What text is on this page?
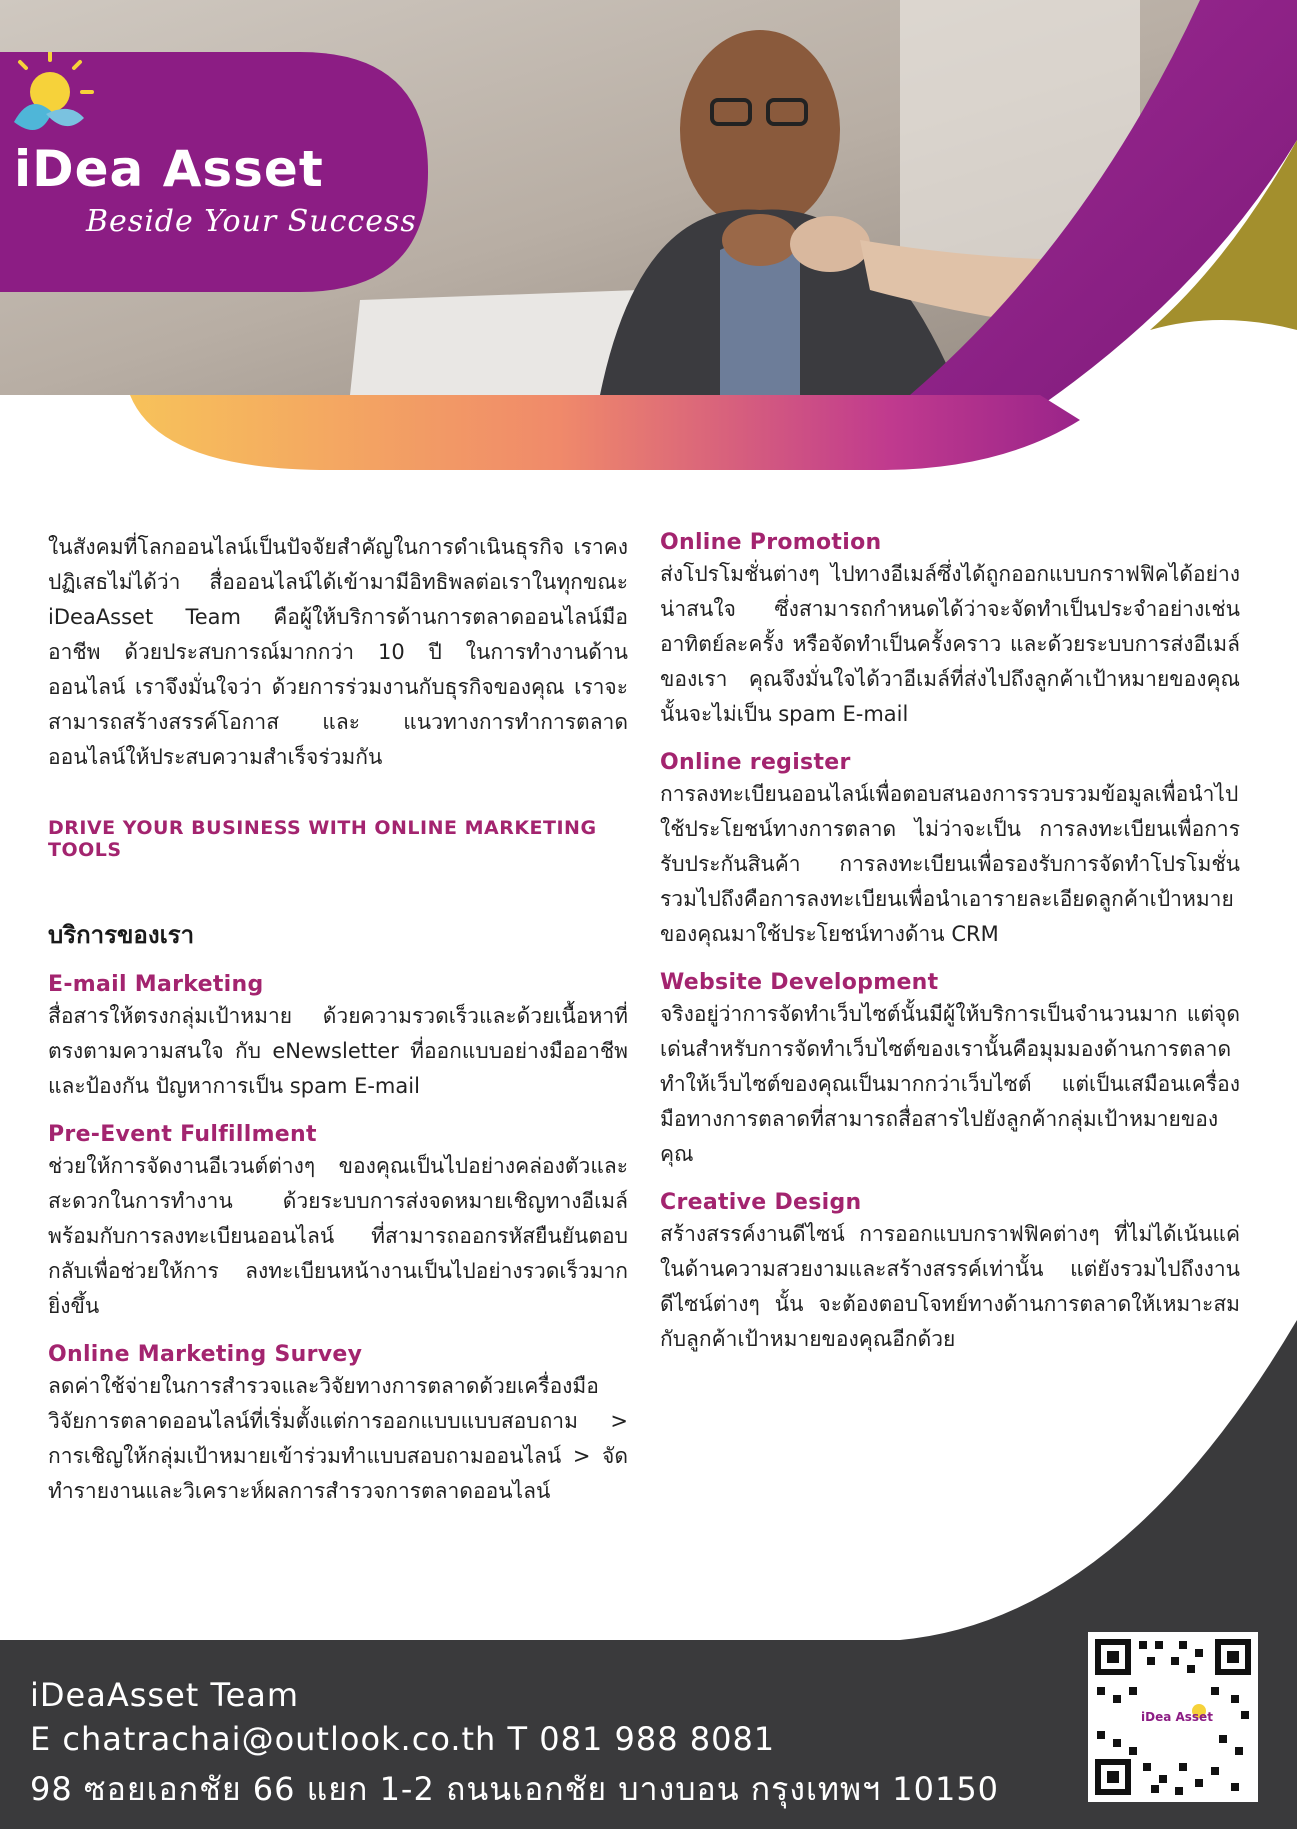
iDea Asset
Beside Your Success

ในสังคมที่โลกออนไลน์เป็นปัจจัยสำคัญในการดำเนินธุรกิจ เราคงปฏิเสธไม่ได้ว่า สื่อออนไลน์ได้เข้ามามีอิทธิพลต่อเราในทุกขณะ iDeaAsset Team คือผู้ให้บริการด้านการตลาดออนไลน์มืออาชีพ ด้วยประสบการณ์มากกว่า 10 ปี ในการทำงานด้านออนไลน์ เราจึงมั่นใจว่า ด้วยการร่วมงานกับธุรกิจของคุณ เราจะสามารถสร้างสรรค์โอกาส และ แนวทางการทำการตลาดออนไลน์ให้ประสบความสำเร็จร่วมกัน

DRIVE YOUR BUSINESS WITH ONLINE MARKETING TOOLS
บริการของเรา
E-mail Marketing

สื่อสารให้ตรงกลุ่มเป้าหมาย ด้วยความรวดเร็วและด้วยเนื้อหาที่ตรงตามความสนใจ กับ eNewsletter ที่ออกแบบอย่างมืออาชีพและป้องกัน ปัญหาการเป็น spam E-mail

Pre-Event Fulfillment

ช่วยให้การจัดงานอีเวนต์ต่างๆ ของคุณเป็นไปอย่างคล่องตัวและสะดวกในการทำงาน ด้วยระบบการส่งจดหมายเชิญทางอีเมล์ พร้อมกับการลงทะเบียนออนไลน์ ที่สามารถออกรหัสยืนยันตอบกลับเพื่อช่วยให้การ ลงทะเบียนหน้างานเป็นไปอย่างรวดเร็วมากยิ่งขึ้น

Online Marketing Survey

ลดค่าใช้จ่ายในการสำรวจและวิจัยทางการตลาดด้วยเครื่องมือวิจัยการตลาดออนไลน์ที่เริ่มตั้งแต่การออกแบบแบบสอบถาม > การเชิญให้กลุ่มเป้าหมายเข้าร่วมทำแบบสอบถามออนไลน์ > จัดทำรายงานและวิเคราะห์ผลการสำรวจการตลาดออนไลน์

Online Promotion

ส่งโปรโมชั่นต่างๆ ไปทางอีเมล์ซึ่งได้ถูกออกแบบกราฟฟิคได้อย่างน่าสนใจ ซึ่งสามารถกำหนดได้ว่าจะจัดทำเป็นประจำอย่างเช่น อาทิตย์ละครั้ง หรือจัดทำเป็นครั้งคราว และด้วยระบบการส่งอีเมล์ของเรา คุณจึงมั่นใจได้วาอีเมล์ที่ส่งไปถึงลูกค้าเป้าหมายของคุณนั้นจะไม่เป็น spam E-mail

Online register

การลงทะเบียนออนไลน์เพื่อตอบสนองการรวบรวมข้อมูลเพื่อนำไปใช้ประโยชน์ทางการตลาด ไม่ว่าจะเป็น การลงทะเบียนเพื่อการรับประกันสินค้า การลงทะเบียนเพื่อรองรับการจัดทำโปรโมชั่น รวมไปถึงคือการลงทะเบียนเพื่อนำเอารายละเอียดลูกค้าเป้าหมายของคุณมาใช้ประโยชน์ทางด้าน CRM

Website Development

จริงอยู่ว่าการจัดทำเว็บไซต์นั้นมีผู้ให้บริการเป็นจำนวนมาก แต่จุดเด่นสำหรับการจัดทำเว็บไซต์ของเรานั้นคือมุมมองด้านการตลาด ทำให้เว็บไซต์ของคุณเป็นมากกว่าเว็บไซต์ แต่เป็นเสมือนเครื่องมือทางการตลาดที่สามารถสื่อสารไปยังลูกค้ากลุ่มเป้าหมายของคุณ

Creative Design

สร้างสรรค์งานดีไซน์ การออกแบบกราฟฟิคต่างๆ ที่ไม่ได้เน้นแค่ในด้านความสวยงามและสร้างสรรค์เท่านั้น แต่ยังรวมไปถึงงานดีไซน์ต่างๆ นั้น จะต้องตอบโจทย์ทางด้านการตลาดให้เหมาะสมกับลูกค้าเป้าหมายของคุณอีกด้วย

iDeaAsset Team
E chatrachai@outlook.co.th T 081 988 8081
98 ซอยเอกชัย 66 แยก 1-2 ถนนเอกชัย บางบอน กรุงเทพฯ 10150
iDea Asset
